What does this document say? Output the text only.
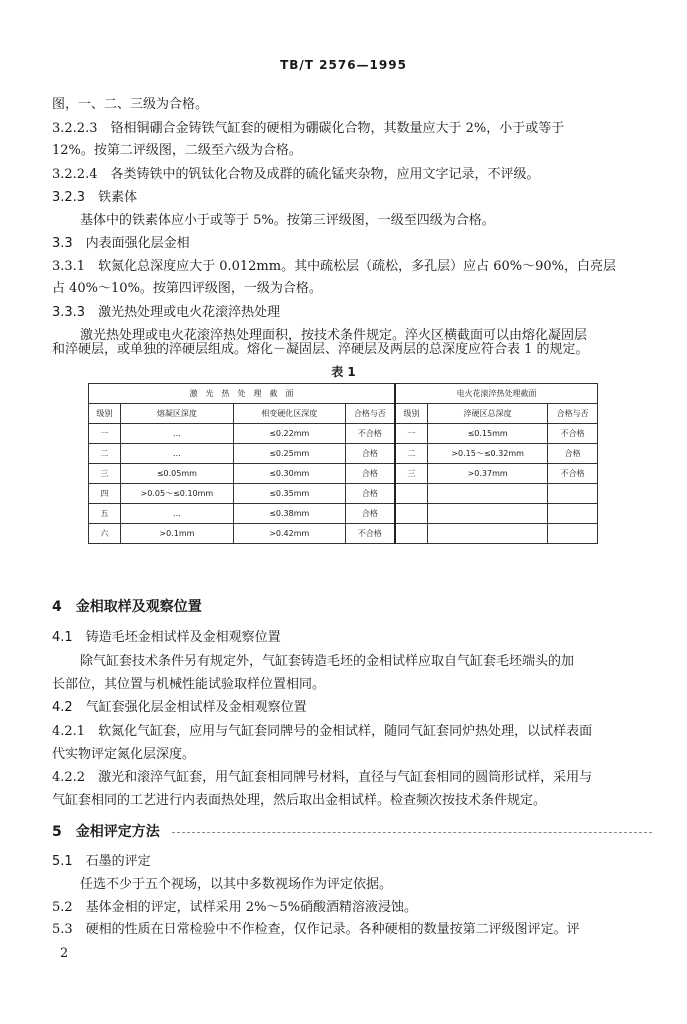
TB/T 2576—1995
图，一、二、三级为合格。
3.2.2.3　铬相铜硼合金铸铁气缸套的硬相为硼碳化合物，其数量应大于 2%，小于或等于
12%。按第二评级图，二级至六级为合格。
3.2.2.4　各类铸铁中的钒钛化合物及成群的硫化锰夹杂物，应用文字记录，不评级。
3.2.3　铁素体
基体中的铁素体应小于或等于 5%。按第三评级图，一级至四级为合格。
3.3　内表面强化层金相
3.3.1　软氮化总深度应大于 0.012mm。其中疏松层（疏松，多孔层）应占 60%～90%，白亮层
占 40%～10%。按第四评级图，一级为合格。
3.3.3　激光热处理或电火花滚淬热处理
激光热处理或电火花滚淬热处理面积，按技术条件规定。淬火区横截面可以由熔化凝固层
和淬硬层，或单独的淬硬层组成。熔化－凝固层、淬硬层及两层的总深度应符合表 1 的规定。
表 1
激　光　热　处　理　截　面				电火花滚淬热处理截面		
级别	熔凝区深度	相变硬化区深度	合格与否	级别	淬硬区总深度	合格与否
一	…	≤0.22mm	不合格	一	≤0.15mm	不合格
二	…	≤0.25mm	合格	二	>0.15～≤0.32mm	合格
三	≤0.05mm	≤0.30mm	合格	三	>0.37mm	不合格
四	>0.05～≤0.10mm	≤0.35mm	合格			
五	…	≤0.38mm	合格			
六	>0.1mm	>0.42mm	不合格			
4　金相取样及观察位置
4.1　铸造毛坯金相试样及金相观察位置
除气缸套技术条件另有规定外，气缸套铸造毛坯的金相试样应取自气缸套毛坯端头的加
长部位，其位置与机械性能试验取样位置相同。
4.2　气缸套强化层金相试样及金相观察位置
4.2.1　软氮化气缸套，应用与气缸套同牌号的金相试样，随同气缸套同炉热处理，以试样表面
代实物评定氮化层深度。
4.2.2　激光和滚淬气缸套，用气缸套相同牌号材料，直径与气缸套相同的圆筒形试样，采用与
气缸套相同的工艺进行内表面热处理，然后取出金相试样。检查频次按技术条件规定。
5　金相评定方法
5.1　石墨的评定
任选不少于五个视场，以其中多数视场作为评定依据。
5.2　基体金相的评定，试样采用 2%～5%硝酸酒精溶液浸蚀。
5.3　硬相的性质在日常检验中不作检查，仅作记录。各种硬相的数量按第二评级图评定。评
2
